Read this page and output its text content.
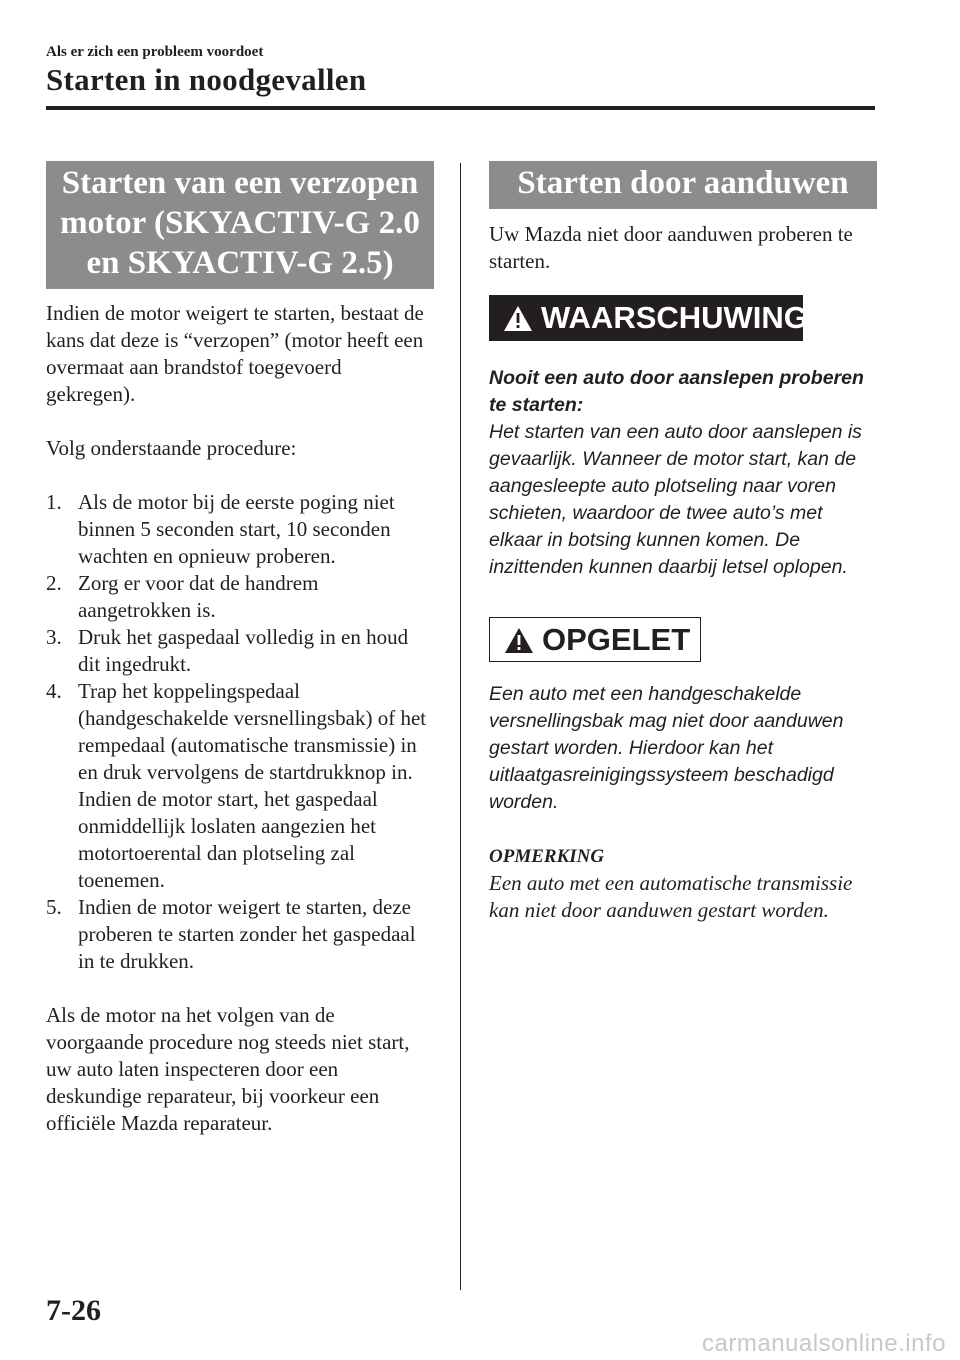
Als er zich een probleem voordoet
Starten in noodgevallen
Starten van een verzopen motor (SKYACTIV-G 2.0 en SKYACTIV-G 2.5)

Indien de motor weigert te starten, bestaat de kans dat deze is “verzopen” (motor heeft een overmaat aan brandstof toegevoerd gekregen).

Volg onderstaande procedure:

1. Als de motor bij de eerste poging niet binnen 5 seconden start, 10 seconden wachten en opnieuw proberen.
2. Zorg er voor dat de handrem aangetrokken is.
3. Druk het gaspedaal volledig in en houd dit ingedrukt.
4. Trap het koppelingspedaal (handgeschakelde versnellingsbak) of het rempedaal (automatische transmissie) in en druk vervolgens de startdrukknop in. Indien de motor start, het gaspedaal onmiddellijk loslaten aangezien het motortoerental dan plotseling zal toenemen.
5. Indien de motor weigert te starten, deze proberen te starten zonder het gaspedaal in te drukken.

Als de motor na het volgen van de voorgaande procedure nog steeds niet start, uw auto laten inspecteren door een deskundige reparateur, bij voorkeur een officiële Mazda reparateur.

Starten door aanduwen

Uw Mazda niet door aanduwen proberen te starten.

WAARSCHUWING

Nooit een auto door aanslepen proberen te starten:

Het starten van een auto door aanslepen is gevaarlijk. Wanneer de motor start, kan de aangesleepte auto plotseling naar voren schieten, waardoor de twee auto’s met elkaar in botsing kunnen komen. De inzittenden kunnen daarbij letsel oplopen.

OPGELET

Een auto met een handgeschakelde versnellingsbak mag niet door aanduwen gestart worden. Hierdoor kan het uitlaatgasreinigingssysteem beschadigd worden.

OPMERKING

Een auto met een automatische transmissie kan niet door aanduwen gestart worden.

7-26
carmanualsonline.info
